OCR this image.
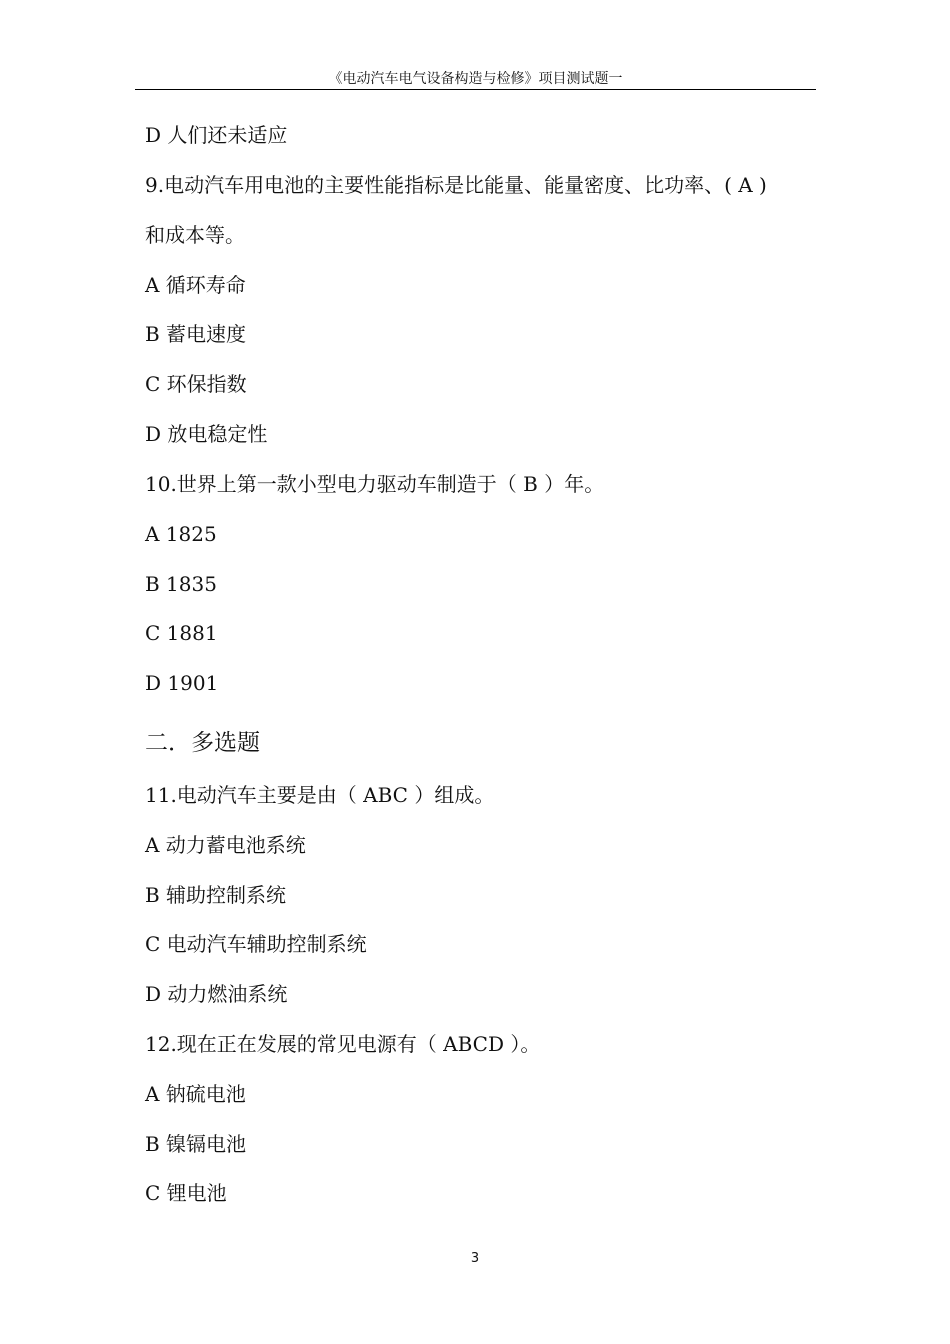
《电动汽车电气设备构造与检修》项目测试题一
D 人们还未适应
9.电动汽车用电池的主要性能指标是比能量、能量密度、比功率、( A )
和成本等。
A 循环寿命
B 蓄电速度
C 环保指数
D 放电稳定性
10.世界上第一款小型电力驱动车制造于（ B ）年。
A 1825
B 1835
C 1881
D 1901
二．多选题
11.电动汽车主要是由（ ABC ）组成。
A 动力蓄电池系统
B 辅助控制系统
C 电动汽车辅助控制系统
D 动力燃油系统
12.现在正在发展的常见电源有（ ABCD ）。
A 钠硫电池
B 镍镉电池
C 锂电池
3
